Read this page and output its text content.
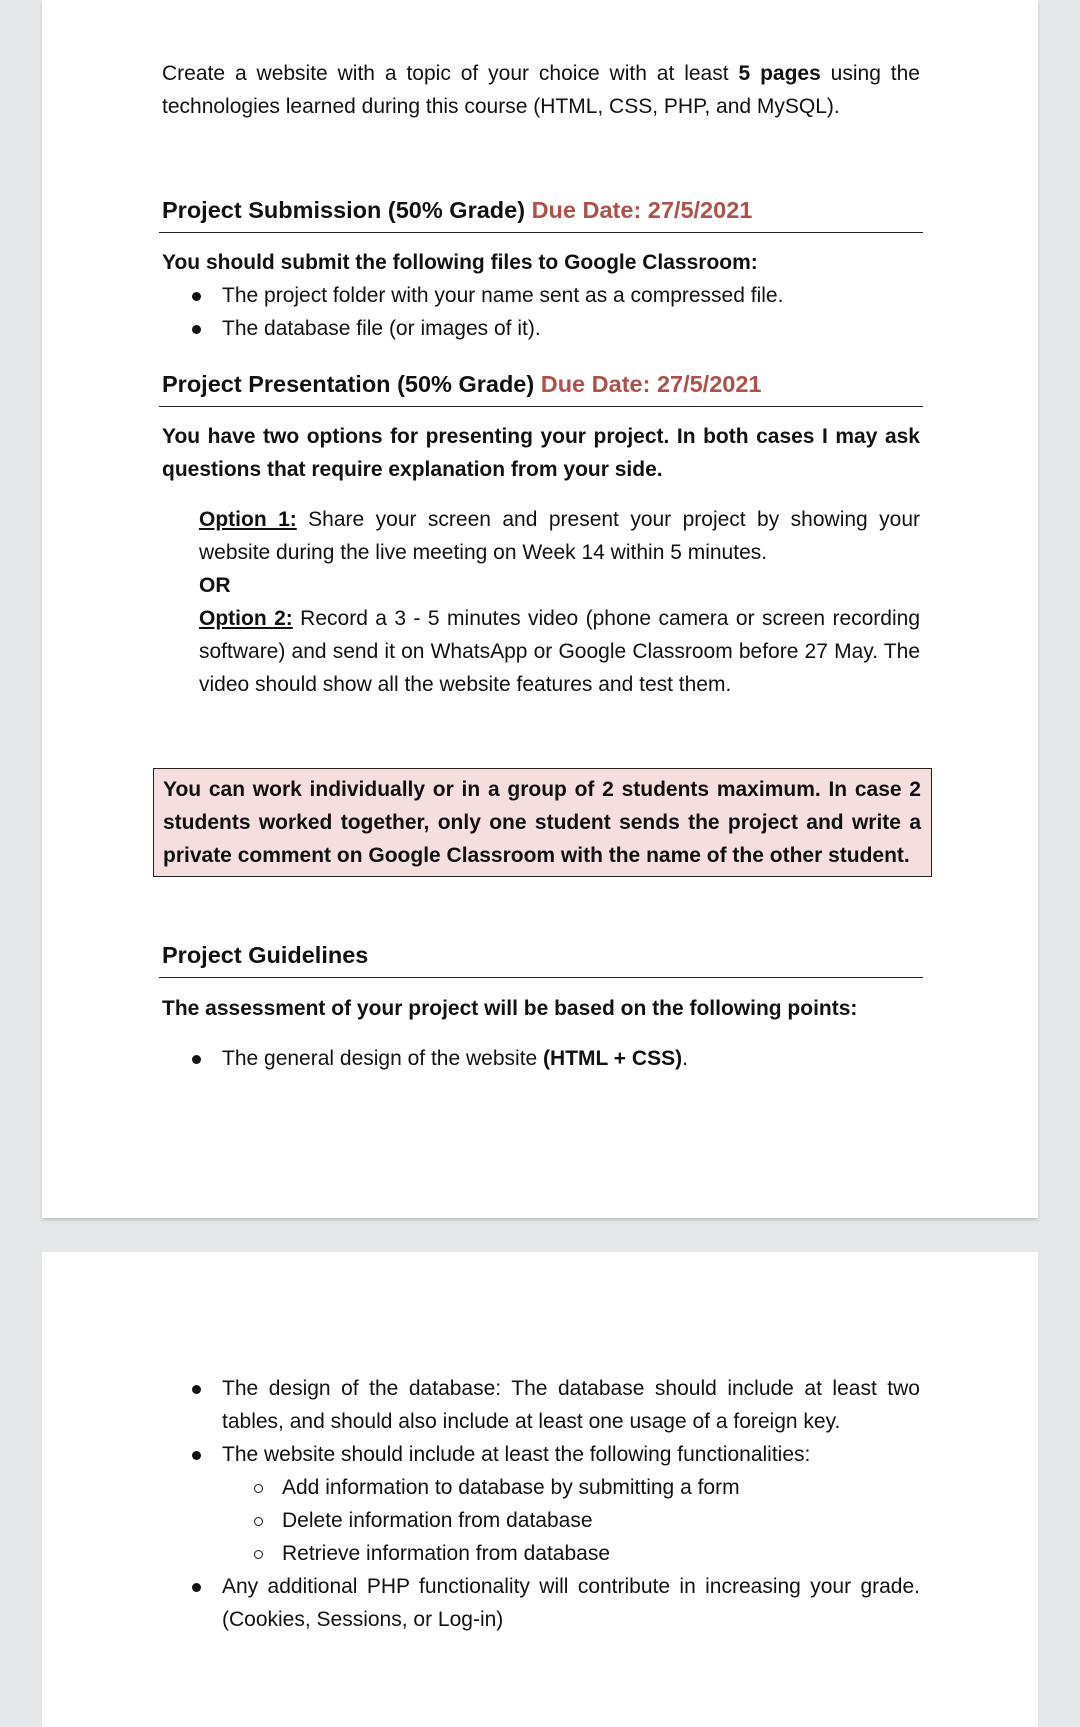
Create a website with a topic of your choice with at least 5 pages using the technologies learned during this course (HTML, CSS, PHP, and MySQL).

Project Submission (50% Grade) Due Date: 27/5/2021

You should submit the following files to Google Classroom:

The project folder with your name sent as a compressed file.
The database file (or images of it).
Project Presentation (50% Grade) Due Date: 27/5/2021

You have two options for presenting your project. In both cases I may ask questions that require explanation from your side.

Option 1: Share your screen and present your project by showing your website during the live meeting on Week 14 within 5 minutes.

OR

Option 2: Record a 3 - 5 minutes video (phone camera or screen recording software) and send it on WhatsApp or Google Classroom before 27 May. The video should show all the website features and test them.

You can work individually or in a group of 2 students maximum. In case 2 students worked together, only one student sends the project and write a private comment on Google Classroom with the name of the other student.
Project Guidelines

The assessment of your project will be based on the following points:

The general design of the website (HTML + CSS).
The design of the database: The database should include at least two tables, and should also include at least one usage of a foreign key.
The website should include at least the following functionalities:
Add information to database by submitting a form
Delete information from database
Retrieve information from database
Any additional PHP functionality will contribute in increasing your grade. (Cookies, Sessions, or Log-in)
